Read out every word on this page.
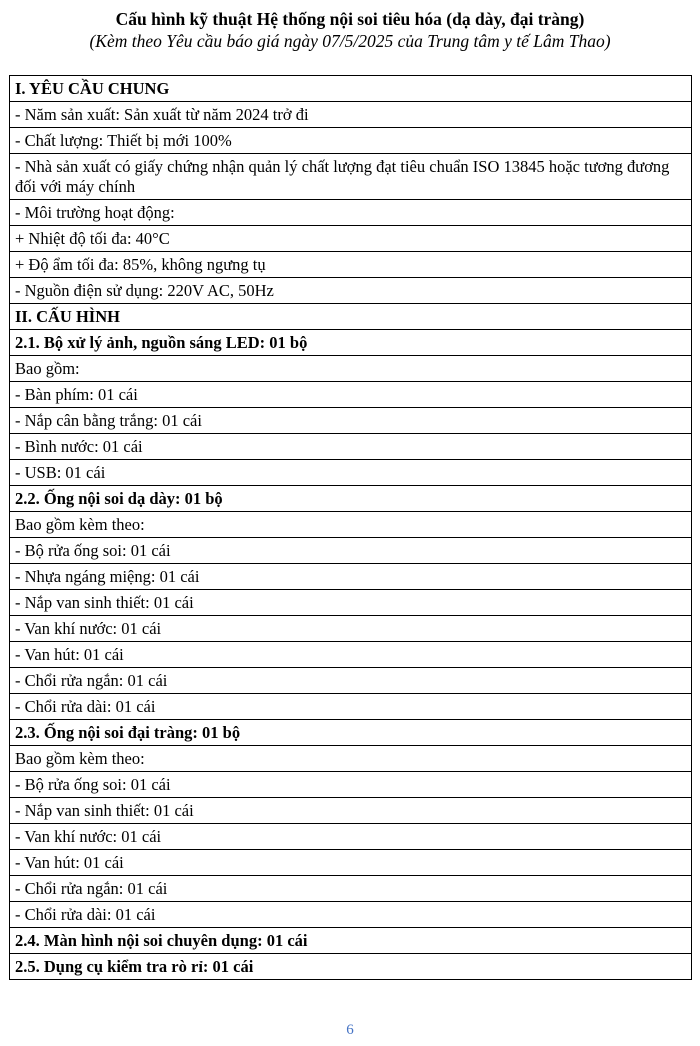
Cấu hình kỹ thuật Hệ thống nội soi tiêu hóa (dạ dày, đại tràng)
(Kèm theo Yêu cầu báo giá ngày 07/5/2025 của Trung tâm y tế Lâm Thao)
I. YÊU CẦU CHUNG
- Năm sản xuất: Sản xuất từ năm 2024 trở đi
- Chất lượng: Thiết bị mới 100%
- Nhà sản xuất có giấy chứng nhận quản lý chất lượng đạt tiêu chuẩn ISO 13845 hoặc tương đương đối với máy chính
- Môi trường hoạt động:
+ Nhiệt độ tối đa: 40°C
+ Độ ẩm tối đa: 85%, không ngưng tụ
- Nguồn điện sử dụng: 220V AC, 50Hz
II. CẤU HÌNH
2.1. Bộ xử lý ảnh, nguồn sáng LED: 01 bộ
Bao gồm:
- Bàn phím: 01 cái
- Nắp cân bằng trắng: 01 cái
- Bình nước: 01 cái
- USB: 01 cái
2.2. Ống nội soi dạ dày: 01 bộ
Bao gồm kèm theo:
- Bộ rửa ống soi: 01 cái
- Nhựa ngáng miệng: 01 cái
- Nắp van sinh thiết: 01 cái
- Van khí nước: 01 cái
- Van hút: 01 cái
- Chổi rửa ngắn: 01 cái
- Chổi rửa dài: 01 cái
2.3. Ống nội soi đại tràng: 01 bộ
Bao gồm kèm theo:
- Bộ rửa ống soi: 01 cái
- Nắp van sinh thiết: 01 cái
- Van khí nước: 01 cái
- Van hút: 01 cái
- Chổi rửa ngắn: 01 cái
- Chổi rửa dài: 01 cái
2.4. Màn hình nội soi chuyên dụng: 01 cái
2.5. Dụng cụ kiểm tra rò rỉ: 01 cái
6
